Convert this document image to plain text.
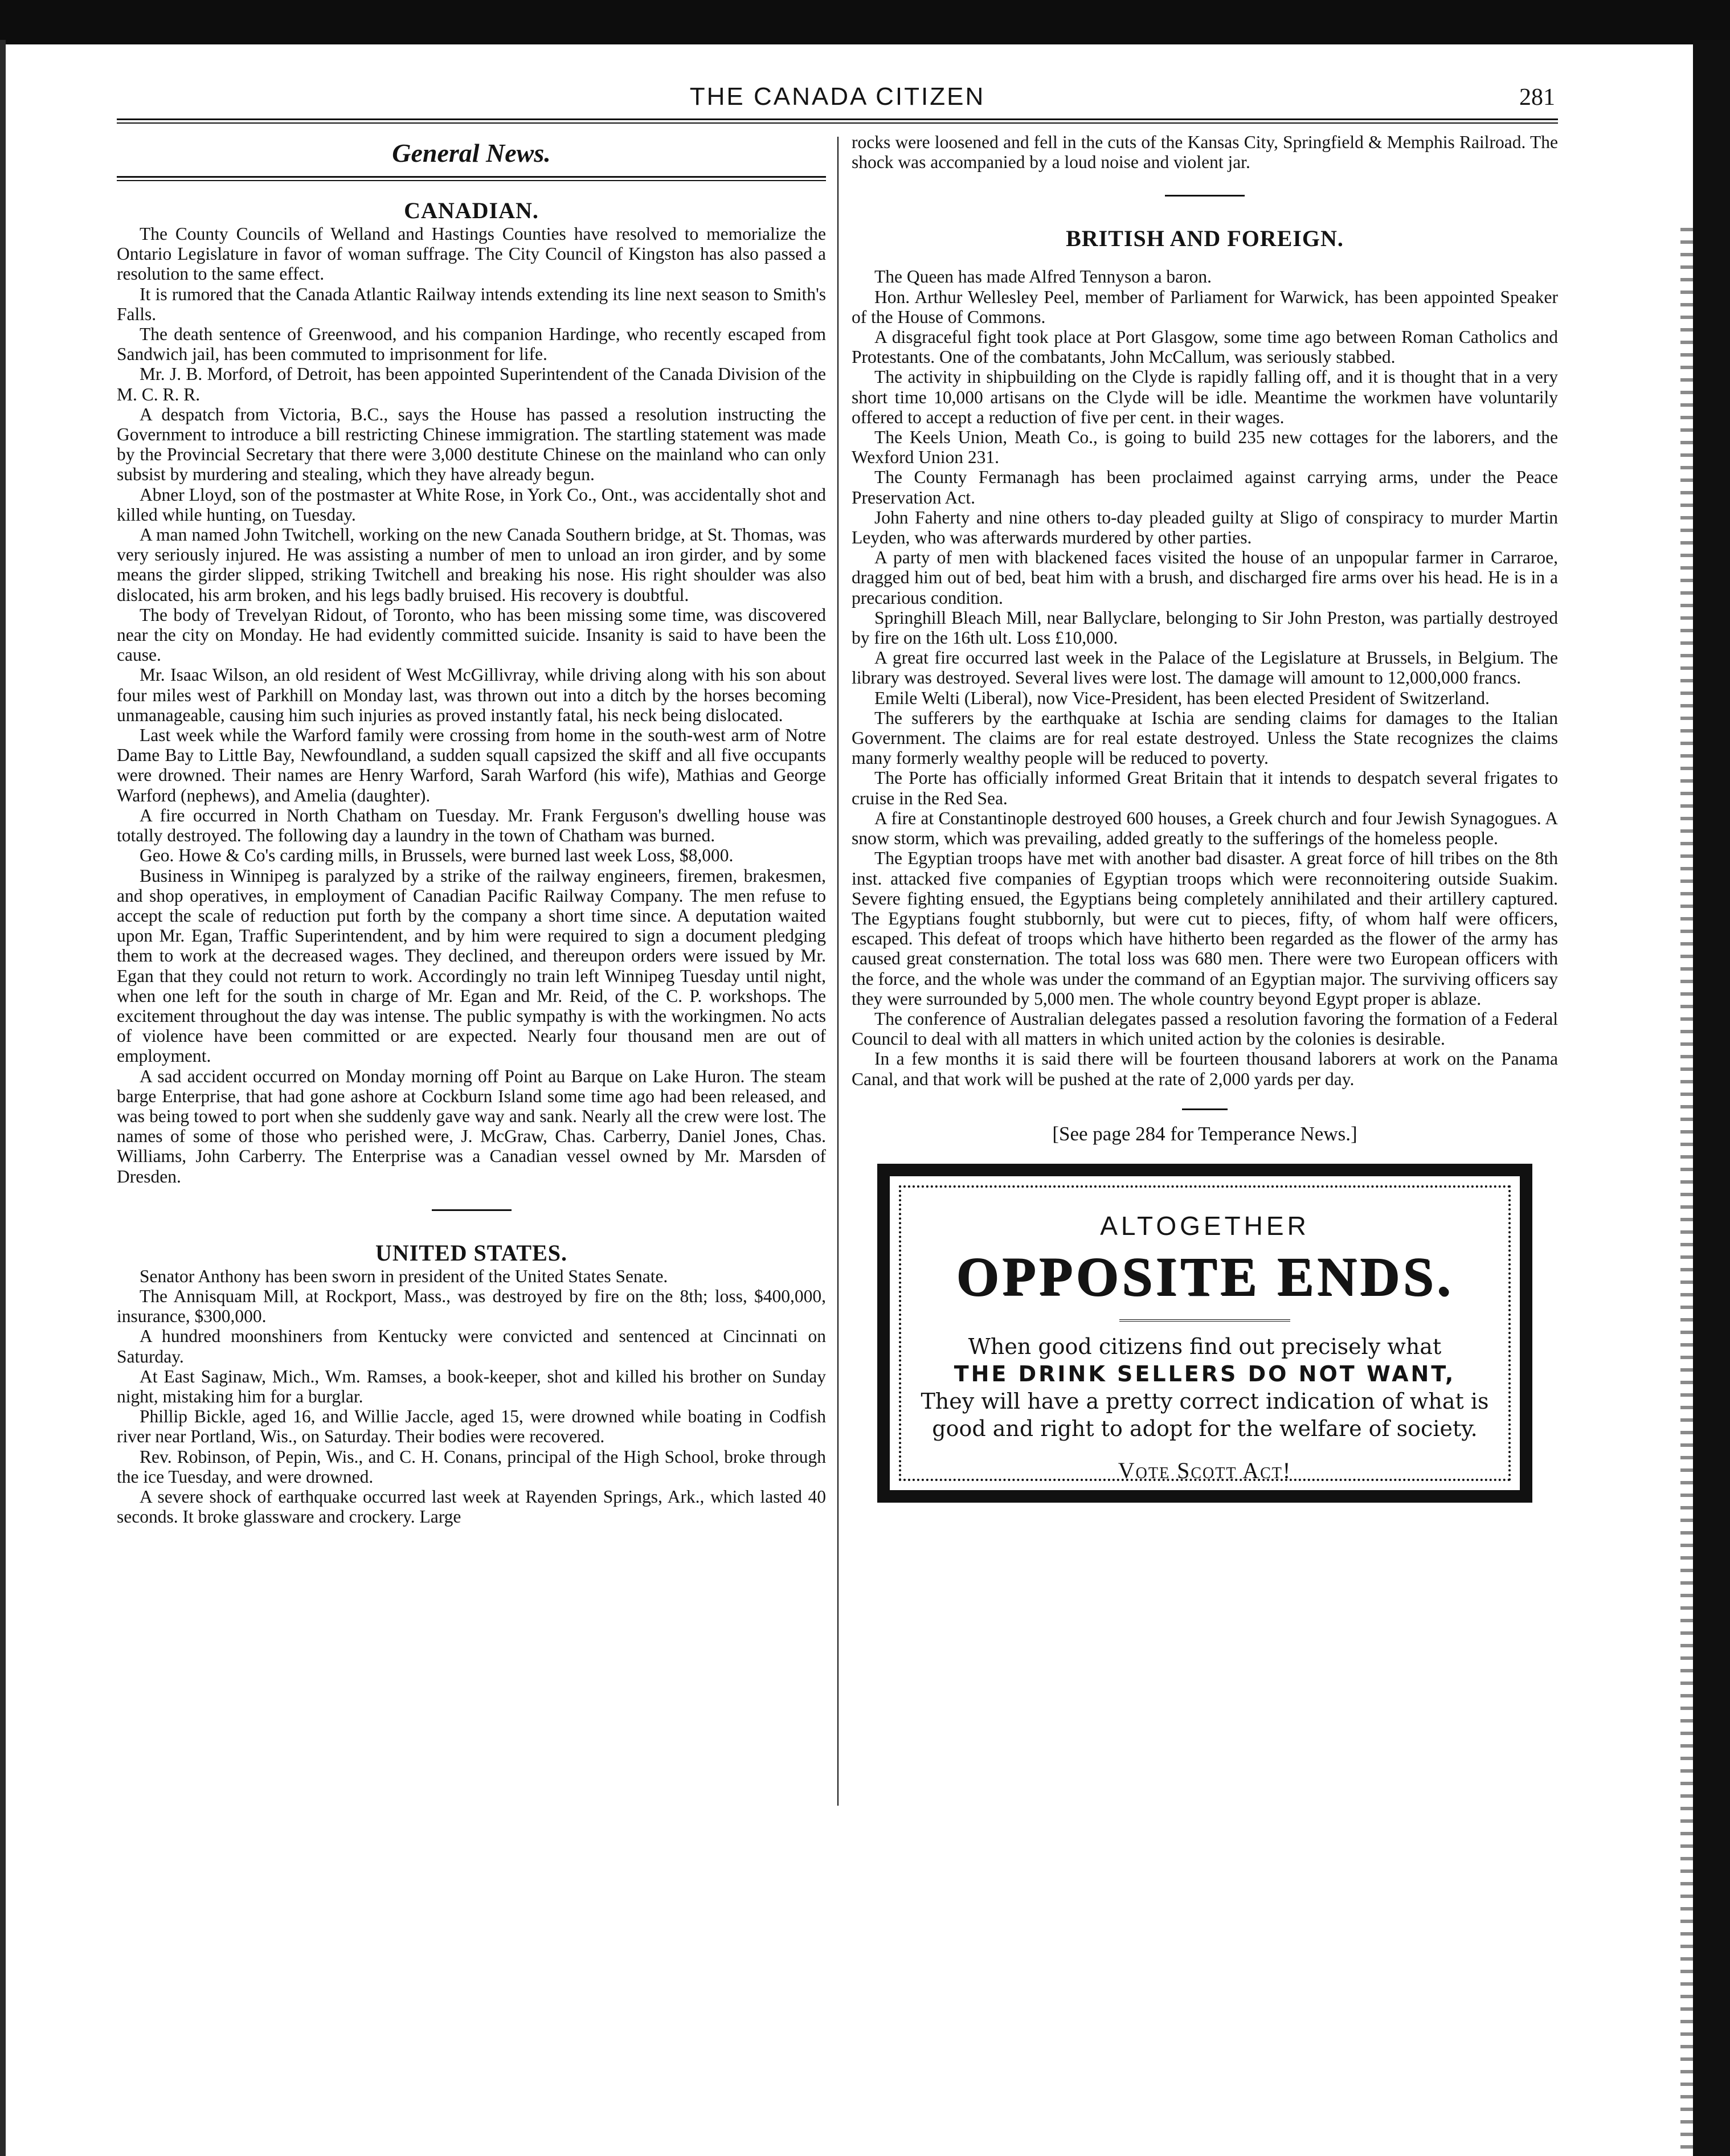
THE CANADA CITIZEN	281
General News.
CANADIAN.

The County Councils of Welland and Hastings Counties have resolved to memorialize the Ontario Legislature in favor of woman suffrage. The City Council of Kingston has also passed a resolution to the same effect.

It is rumored that the Canada Atlantic Railway intends extending its line next season to Smith's Falls.

The death sentence of Greenwood, and his companion Hardinge, who recently escaped from Sandwich jail, has been commuted to imprisonment for life.

Mr. J. B. Morford, of Detroit, has been appointed Superintendent of the Canada Division of the M. C. R. R.

A despatch from Victoria, B.C., says the House has passed a resolution instructing the Government to introduce a bill restricting Chinese immigration. The startling statement was made by the Provincial Secretary that there were 3,000 destitute Chinese on the mainland who can only subsist by murdering and stealing, which they have already begun.

Abner Lloyd, son of the postmaster at White Rose, in York Co., Ont., was accidentally shot and killed while hunting, on Tuesday.

A man named John Twitchell, working on the new Canada Southern bridge, at St. Thomas, was very seriously injured. He was assisting a number of men to unload an iron girder, and by some means the girder slipped, striking Twitchell and breaking his nose. His right shoulder was also dislocated, his arm broken, and his legs badly bruised. His recovery is doubtful.

The body of Trevelyan Ridout, of Toronto, who has been missing some time, was discovered near the city on Monday. He had evidently committed suicide. Insanity is said to have been the cause.

Mr. Isaac Wilson, an old resident of West McGillivray, while driving along with his son about four miles west of Parkhill on Monday last, was thrown out into a ditch by the horses becoming unmanageable, causing him such injuries as proved instantly fatal, his neck being dislocated.

Last week while the Warford family were crossing from home in the south-west arm of Notre Dame Bay to Little Bay, Newfoundland, a sudden squall capsized the skiff and all five occupants were drowned. Their names are Henry Warford, Sarah Warford (his wife), Mathias and George Warford (nephews), and Amelia (daughter).

A fire occurred in North Chatham on Tuesday. Mr. Frank Ferguson's dwelling house was totally destroyed. The following day a laundry in the town of Chatham was burned.

Geo. Howe & Co's carding mills, in Brussels, were burned last week Loss, $8,000.

Business in Winnipeg is paralyzed by a strike of the railway engineers, firemen, brakesmen, and shop operatives, in employment of Canadian Pacific Railway Company. The men refuse to accept the scale of reduction put forth by the company a short time since. A deputation waited upon Mr. Egan, Traffic Superintendent, and by him were required to sign a document pledging them to work at the decreased wages. They declined, and thereupon orders were issued by Mr. Egan that they could not return to work. Accordingly no train left Winnipeg Tuesday until night, when one left for the south in charge of Mr. Egan and Mr. Reid, of the C. P. workshops. The excitement throughout the day was intense. The public sympathy is with the workingmen. No acts of violence have been committed or are expected. Nearly four thousand men are out of employment.

A sad accident occurred on Monday morning off Point au Barque on Lake Huron. The steam barge Enterprise, that had gone ashore at Cockburn Island some time ago had been released, and was being towed to port when she suddenly gave way and sank. Nearly all the crew were lost. The names of some of those who perished were, J. McGraw, Chas. Carberry, Daniel Jones, Chas. Williams, John Carberry. The Enterprise was a Canadian vessel owned by Mr. Marsden of Dresden.

UNITED STATES.

Senator Anthony has been sworn in president of the United States Senate.

The Annisquam Mill, at Rockport, Mass., was destroyed by fire on the 8th; loss, $400,000, insurance, $300,000.

A hundred moonshiners from Kentucky were convicted and sentenced at Cincinnati on Saturday.

At East Saginaw, Mich., Wm. Ramses, a book-keeper, shot and killed his brother on Sunday night, mistaking him for a burglar.

Phillip Bickle, aged 16, and Willie Jaccle, aged 15, were drowned while boating in Codfish river near Portland, Wis., on Saturday. Their bodies were recovered.

Rev. Robinson, of Pepin, Wis., and C. H. Conans, principal of the High School, broke through the ice Tuesday, and were drowned.

A severe shock of earthquake occurred last week at Rayenden Springs, Ark., which lasted 40 seconds. It broke glassware and crockery. Large

rocks were loosened and fell in the cuts of the Kansas City, Springfield & Memphis Railroad. The shock was accompanied by a loud noise and violent jar.

BRITISH AND FOREIGN.

The Queen has made Alfred Tennyson a baron.

Hon. Arthur Wellesley Peel, member of Parliament for Warwick, has been appointed Speaker of the House of Commons.

A disgraceful fight took place at Port Glasgow, some time ago between Roman Catholics and Protestants. One of the combatants, John McCallum, was seriously stabbed.

The activity in shipbuilding on the Clyde is rapidly falling off, and it is thought that in a very short time 10,000 artisans on the Clyde will be idle. Meantime the workmen have voluntarily offered to accept a reduction of five per cent. in their wages.

The Keels Union, Meath Co., is going to build 235 new cottages for the laborers, and the Wexford Union 231.

The County Fermanagh has been proclaimed against carrying arms, under the Peace Preservation Act.

John Faherty and nine others to-day pleaded guilty at Sligo of conspiracy to murder Martin Leyden, who was afterwards murdered by other parties.

A party of men with blackened faces visited the house of an unpopular farmer in Carraroe, dragged him out of bed, beat him with a brush, and discharged fire arms over his head. He is in a precarious condition.

Springhill Bleach Mill, near Ballyclare, belonging to Sir John Preston, was partially destroyed by fire on the 16th ult. Loss £10,000.

A great fire occurred last week in the Palace of the Legislature at Brussels, in Belgium. The library was destroyed. Several lives were lost. The damage will amount to 12,000,000 francs.

Emile Welti (Liberal), now Vice-President, has been elected President of Switzerland.

The sufferers by the earthquake at Ischia are sending claims for damages to the Italian Government. The claims are for real estate destroyed. Unless the State recognizes the claims many formerly wealthy people will be reduced to poverty.

The Porte has officially informed Great Britain that it intends to despatch several frigates to cruise in the Red Sea.

A fire at Constantinople destroyed 600 houses, a Greek church and four Jewish Synagogues. A snow storm, which was prevailing, added greatly to the sufferings of the homeless people.

The Egyptian troops have met with another bad disaster. A great force of hill tribes on the 8th inst. attacked five companies of Egyptian troops which were reconnoitering outside Suakim. Severe fighting ensued, the Egyptians being completely annihilated and their artillery captured. The Egyptians fought stubbornly, but were cut to pieces, fifty, of whom half were officers, escaped. This defeat of troops which have hitherto been regarded as the flower of the army has caused great consternation. The total loss was 680 men. There were two European officers with the force, and the whole was under the command of an Egyptian major. The surviving officers say they were surrounded by 5,000 men. The whole country beyond Egypt proper is ablaze.

The conference of Australian delegates passed a resolution favoring the formation of a Federal Council to deal with all matters in which united action by the colonies is desirable.

In a few months it is said there will be fourteen thousand laborers at work on the Panama Canal, and that work will be pushed at the rate of 2,000 yards per day.

[See page 284 for Temperance News.]
ALTOGETHER
OPPOSITE ENDS.
When good citizens find out precisely what
THE DRINK SELLERS DO NOT WANT,
They will have a pretty correct indication of what is good and right to adopt for the welfare of society.
Vote Scott Act!
